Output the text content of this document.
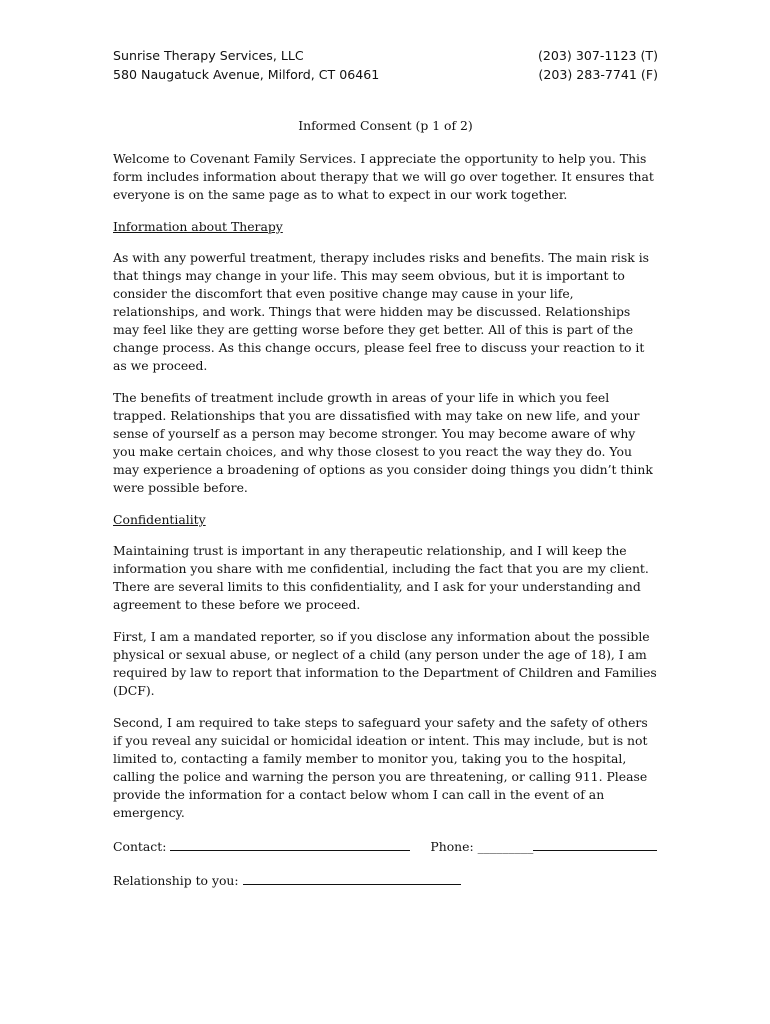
Sunrise Therapy Services, LLC
580 Naugatuck Avenue, Milford, CT 06461
(203) 307-1123 (T)
(203) 283-7741 (F)
Informed Consent (p 1 of 2)

Welcome to Covenant Family Services. I appreciate the opportunity to help you. This form includes information about therapy that we will go over together. It ensures that everyone is on the same page as to what to expect in our work together.

Information about Therapy

As with any powerful treatment, therapy includes risks and benefits. The main risk is that things may change in your life. This may seem obvious, but it is important to consider the discomfort that even positive change may cause in your life, relationships, and work. Things that were hidden may be discussed. Relationships may feel like they are getting worse before they get better. All of this is part of the change process. As this change occurs, please feel free to discuss your reaction to it as we proceed.

The benefits of treatment include growth in areas of your life in which you feel trapped. Relationships that you are dissatisfied with may take on new life, and your sense of yourself as a person may become stronger. You may become aware of why you make certain choices, and why those closest to you react the way they do. You may experience a broadening of options as you consider doing things you didn’t think were possible before.

Confidentiality

Maintaining trust is important in any therapeutic relationship, and I will keep the information you share with me confidential, including the fact that you are my client. There are several limits to this confidentiality, and I ask for your understanding and agreement to these before we proceed.

First, I am a mandated reporter, so if you disclose any information about the possible physical or sexual abuse, or neglect of a child (any person under the age of 18), I am required by law to report that information to the Department of Children and Families (DCF).

Second, I am required to take steps to safeguard your safety and the safety of others if you reveal any suicidal or homicidal ideation or intent. This may include, but is not limited to, contacting a family member to monitor you, taking you to the hospital, calling the police and warning the person you are threatening, or calling 911. Please provide the information for a contact below whom I can call in the event of an emergency.

Contact:	Phone: _________
Relationship to you:
